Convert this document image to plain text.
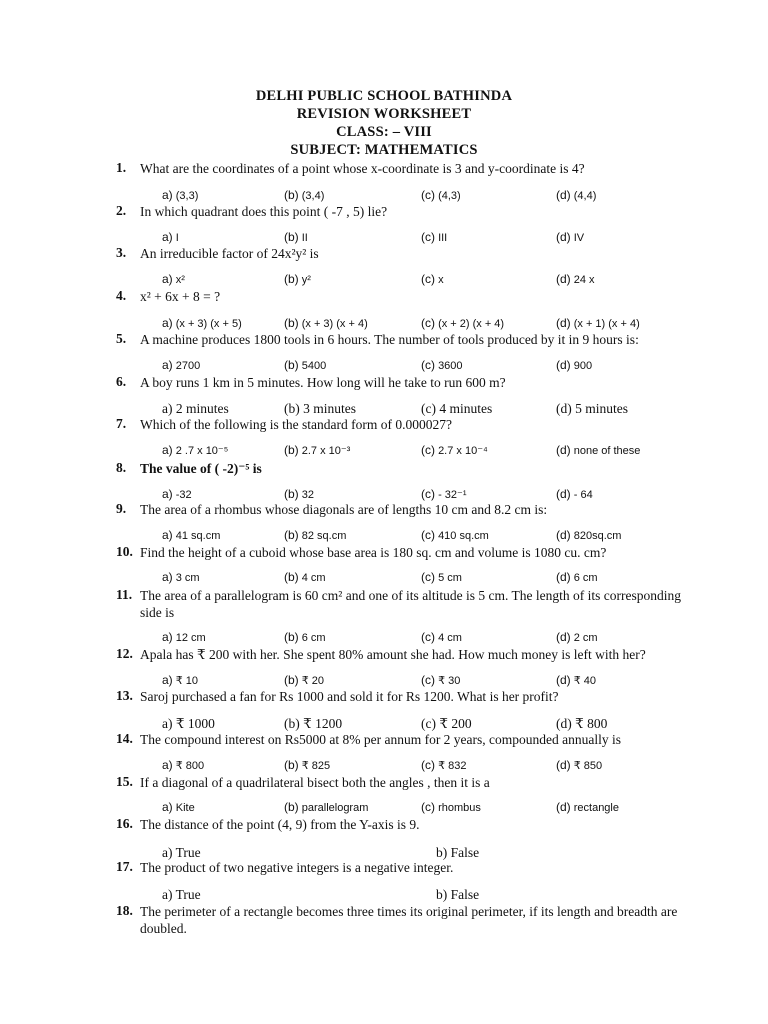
DELHI PUBLIC SCHOOL BATHINDA
REVISION WORKSHEET
CLASS: – VIII
SUBJECT: MATHEMATICS
1. What are the coordinates of a point whose x-coordinate is 3 and y-coordinate is 4?
a) (3,3)	(b) (3,4)	(c) (4,3)	(d) (4,4)
2. In which quadrant does this point ( -7 , 5) lie?
a) I	(b) II	(c) III	(d) IV
3. An irreducible factor of 24x²y² is
a) x²	(b) y²	(c) x	(d) 24 x
4. x² + 6x + 8 = ?
a) (x + 3) (x + 5)	(b) (x + 3) (x + 4)	(c) (x + 2) (x + 4)	(d) (x + 1) (x + 4)
5. A machine produces 1800 tools in 6 hours. The number of tools produced by it in 9 hours is:
a) 2700	(b) 5400	(c) 3600	(d) 900
6. A boy runs 1 km in 5 minutes. How long will he take to run 600 m?
a) 2 minutes	(b) 3 minutes	(c) 4 minutes	(d) 5 minutes
7. Which of the following is the standard form of 0.000027?
a) 2 .7 x 10⁻⁵	(b) 2.7 x 10⁻³	(c) 2.7 x 10⁻⁴	(d) none of these
8. The value of ( -2)⁻⁵ is
a) -32	(b) 32	(c) - 32⁻¹	(d) - 64
9. The area of a rhombus whose diagonals are of lengths 10 cm and 8.2 cm is:
a) 41 sq.cm	(b) 82 sq.cm	(c) 410 sq.cm	(d) 820sq.cm
10. Find the height of a cuboid whose base area is 180 sq. cm and volume is 1080 cu. cm?
a) 3 cm	(b) 4 cm	(c) 5 cm	(d) 6 cm
11. The area of a parallelogram is 60 cm² and one of its altitude is 5 cm. The length of its corresponding side is
a) 12 cm	(b) 6 cm	(c) 4 cm	(d) 2 cm
12. Apala has ₹ 200 with her. She spent 80% amount she had. How much money is left with her?
a) ₹ 10	(b) ₹ 20	(c) ₹ 30	(d) ₹ 40
13. Saroj purchased a fan for Rs 1000 and sold it for Rs 1200. What is her profit?
a) ₹ 1000	(b) ₹ 1200	(c) ₹ 200	(d) ₹ 800
14. The compound interest on Rs5000 at 8% per annum for 2 years, compounded annually is
a) ₹ 800	(b) ₹ 825	(c) ₹ 832	(d) ₹ 850
15. If a diagonal of a quadrilateral bisect both the angles , then it is a
a) Kite	(b) parallelogram	(c) rhombus	(d) rectangle
16. The distance of the point (4, 9) from the Y-axis is 9.
a) True	b) False
17. The product of two negative integers is a negative integer.
a) True	b) False
18. The perimeter of a rectangle becomes three times its original perimeter, if its length and breadth are doubled.
